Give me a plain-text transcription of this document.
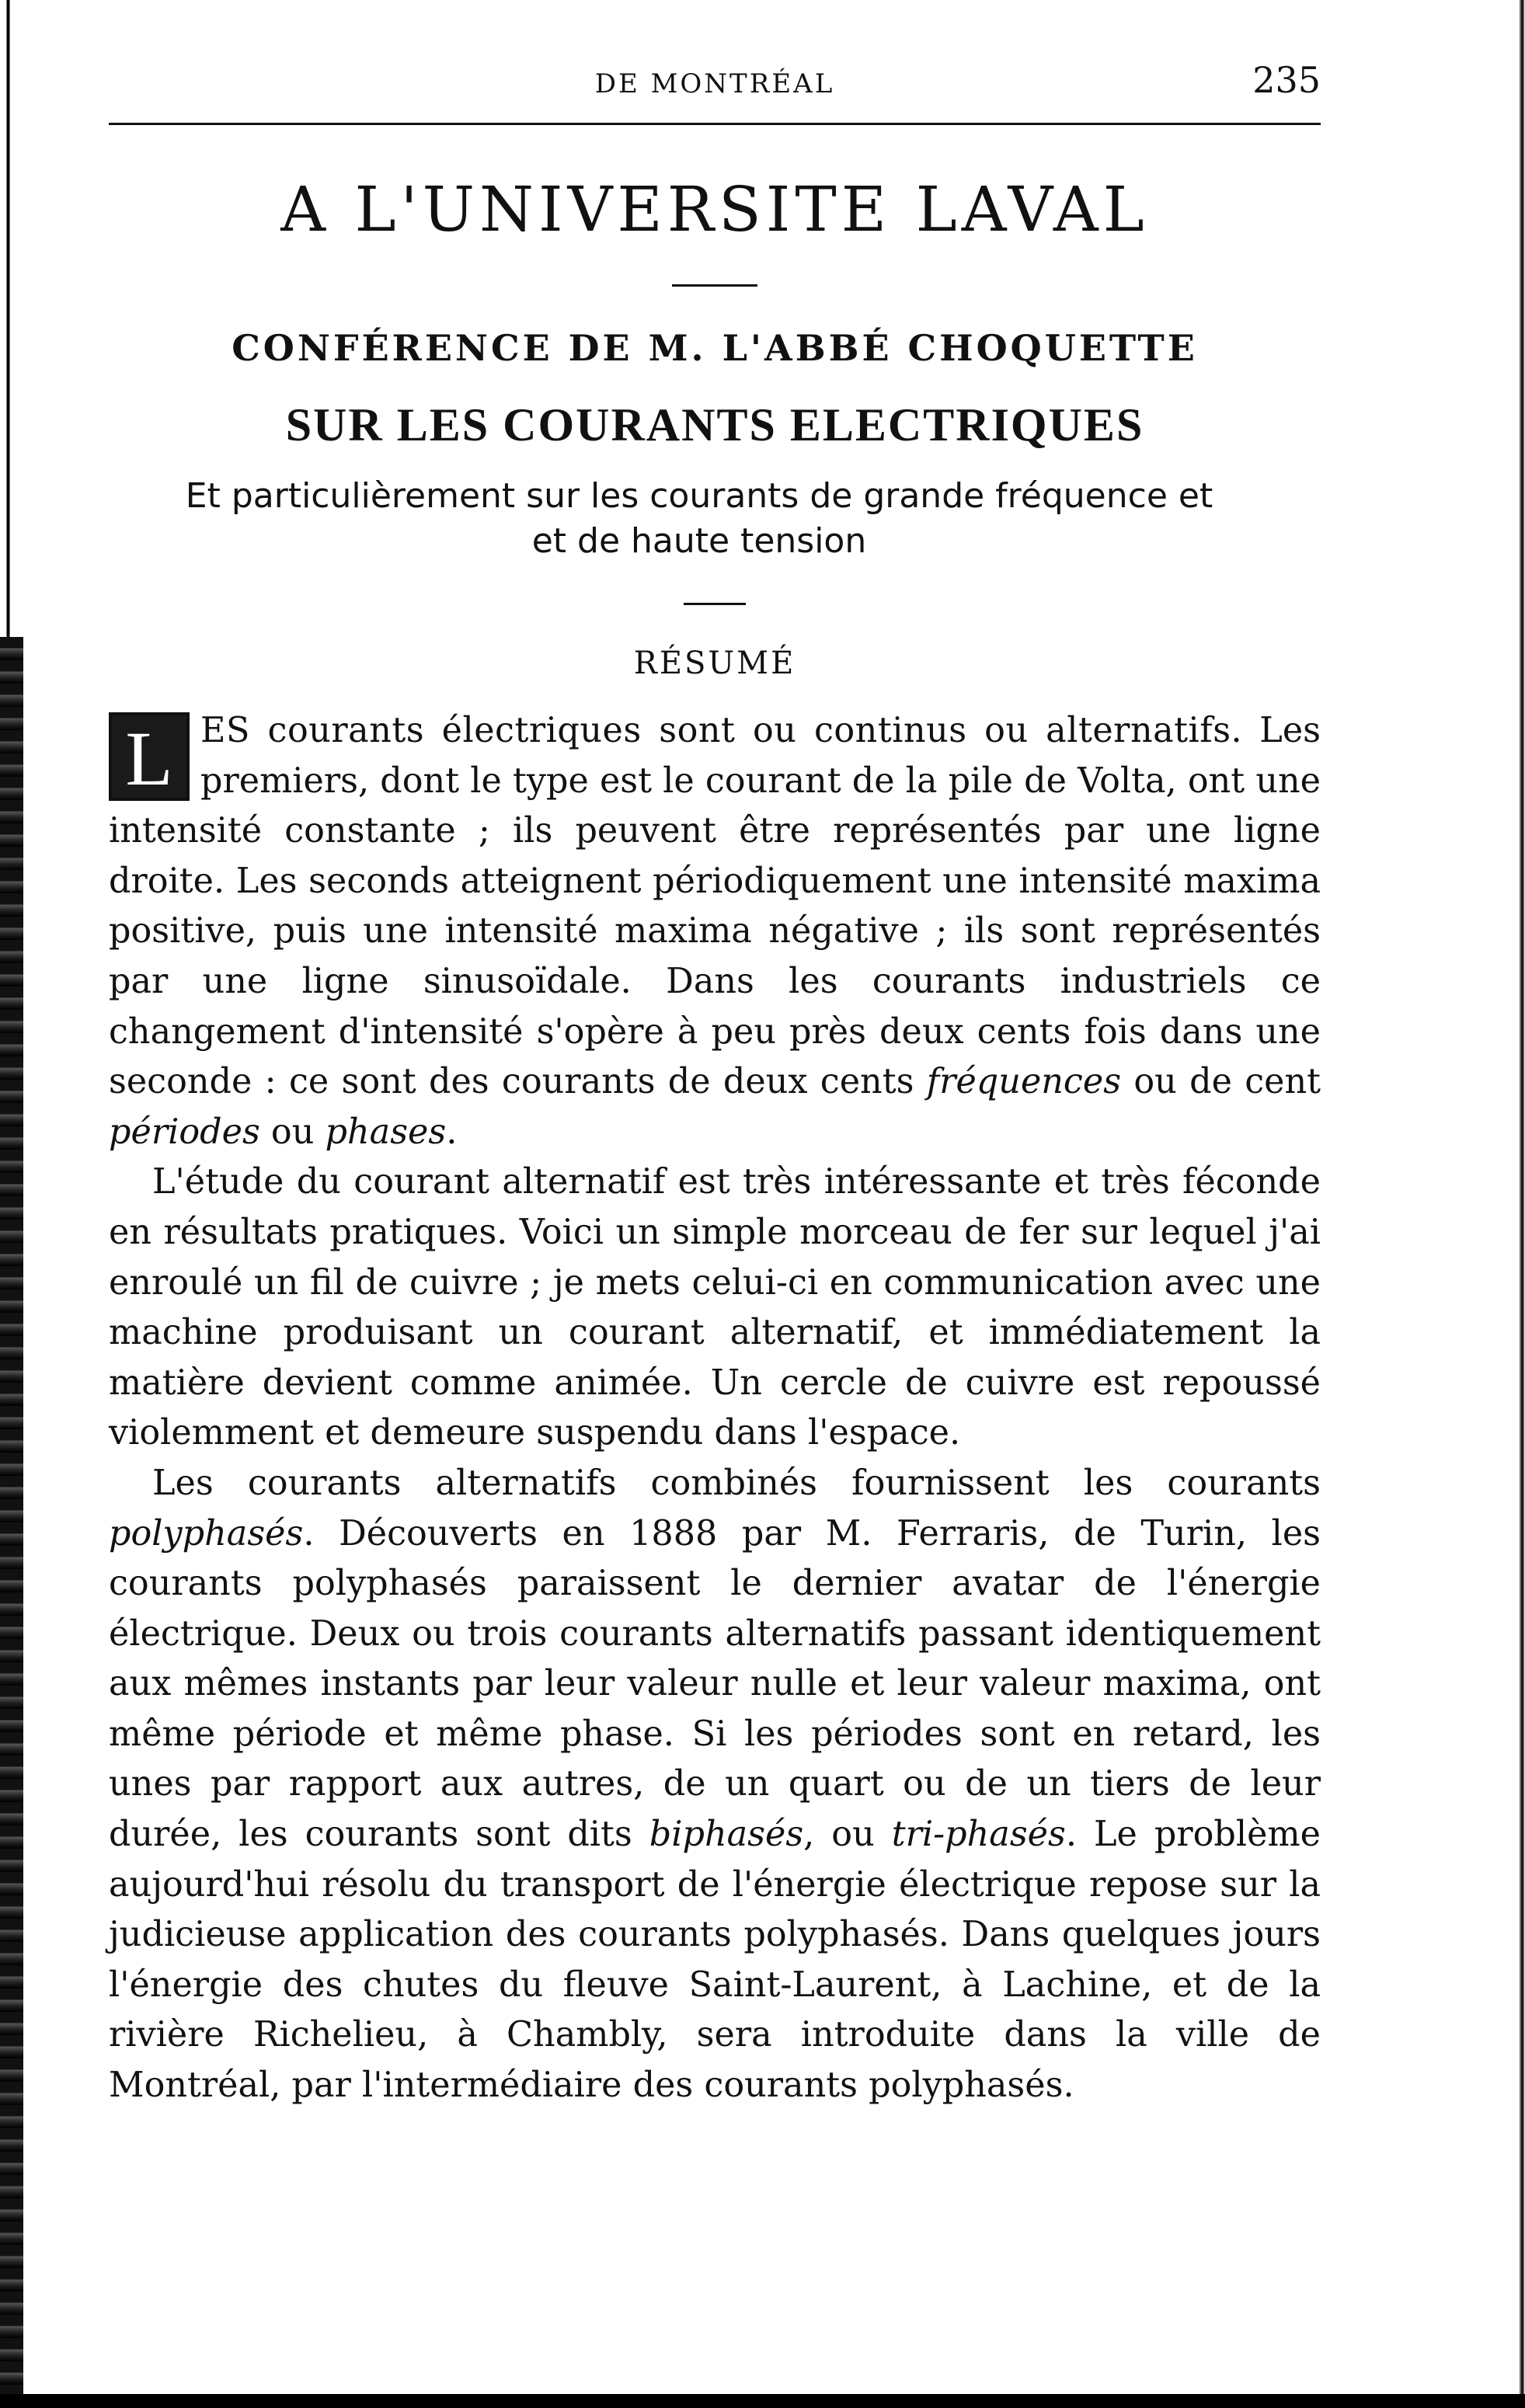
DE MONTRÉAL	235
A L'UNIVERSITE LAVAL
CONFÉRENCE DE M. L'ABBÉ CHOQUETTE
SUR LES COURANTS ELECTRIQUES
Et particulièrement sur les courants de grande fréquence et
et de haute tension
RÉSUMÉ

L ES courants électriques sont ou continus ou alternatifs. Les premiers, dont le type est le courant de la pile de Volta, ont une intensité constante ; ils peuvent être représentés par une ligne droite. Les seconds atteignent périodiquement une intensité maxima positive, puis une intensité maxima négative ; ils sont représentés par une ligne sinusoïdale. Dans les courants industriels ce changement d'intensité s'opère à peu près deux cents fois dans une seconde : ce sont des courants de deux cents fréquences ou de cent périodes ou phases.

L'étude du courant alternatif est très intéressante et très féconde en résultats pratiques. Voici un simple morceau de fer sur lequel j'ai enroulé un fil de cuivre ; je mets celui-ci en communication avec une machine produisant un courant alternatif, et immédiatement la matière devient comme animée. Un cercle de cuivre est repoussé violemment et demeure suspendu dans l'espace.

Les courants alternatifs combinés fournissent les courants polyphasés. Découverts en 1888 par M. Ferraris, de Turin, les courants polyphasés paraissent le dernier avatar de l'énergie électrique. Deux ou trois courants alternatifs passant identiquement aux mêmes instants par leur valeur nulle et leur valeur maxima, ont même période et même phase. Si les périodes sont en retard, les unes par rapport aux autres, de un quart ou de un tiers de leur durée, les courants sont dits biphasés, ou tri-phasés. Le problème aujourd'hui résolu du transport de l'énergie électrique repose sur la judicieuse application des courants polyphasés. Dans quelques jours l'énergie des chutes du fleuve Saint-Laurent, à Lachine, et de la rivière Richelieu, à Chambly, sera introduite dans la ville de Montréal, par l'intermédiaire des courants polyphasés.
